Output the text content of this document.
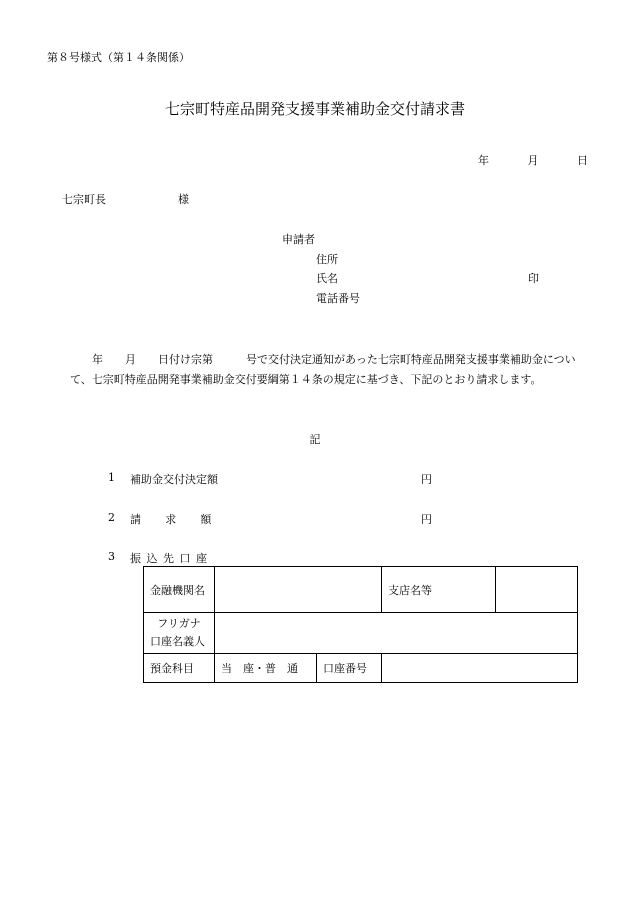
第８号様式（第１４条関係）
七宗町特産品開発支援事業補助金交付請求書
年	月	日
七宗町長	様
申請者
住所
氏名	印
電話番号
年　　月　　日付け宗第　　　号で交付決定通知があった七宗町特産品開発支援事業補助金について、七宗町特産品開発事業補助金交付要綱第１４条の規定に基づき、下記のとおり請求します。
記
1 補助金交付決定額	円
2 請求額	円
3 振込先口座
金融機関名			支店名等	

フリガナ
口座名義人				

預金科目	当　座・普　通	口座番号		
